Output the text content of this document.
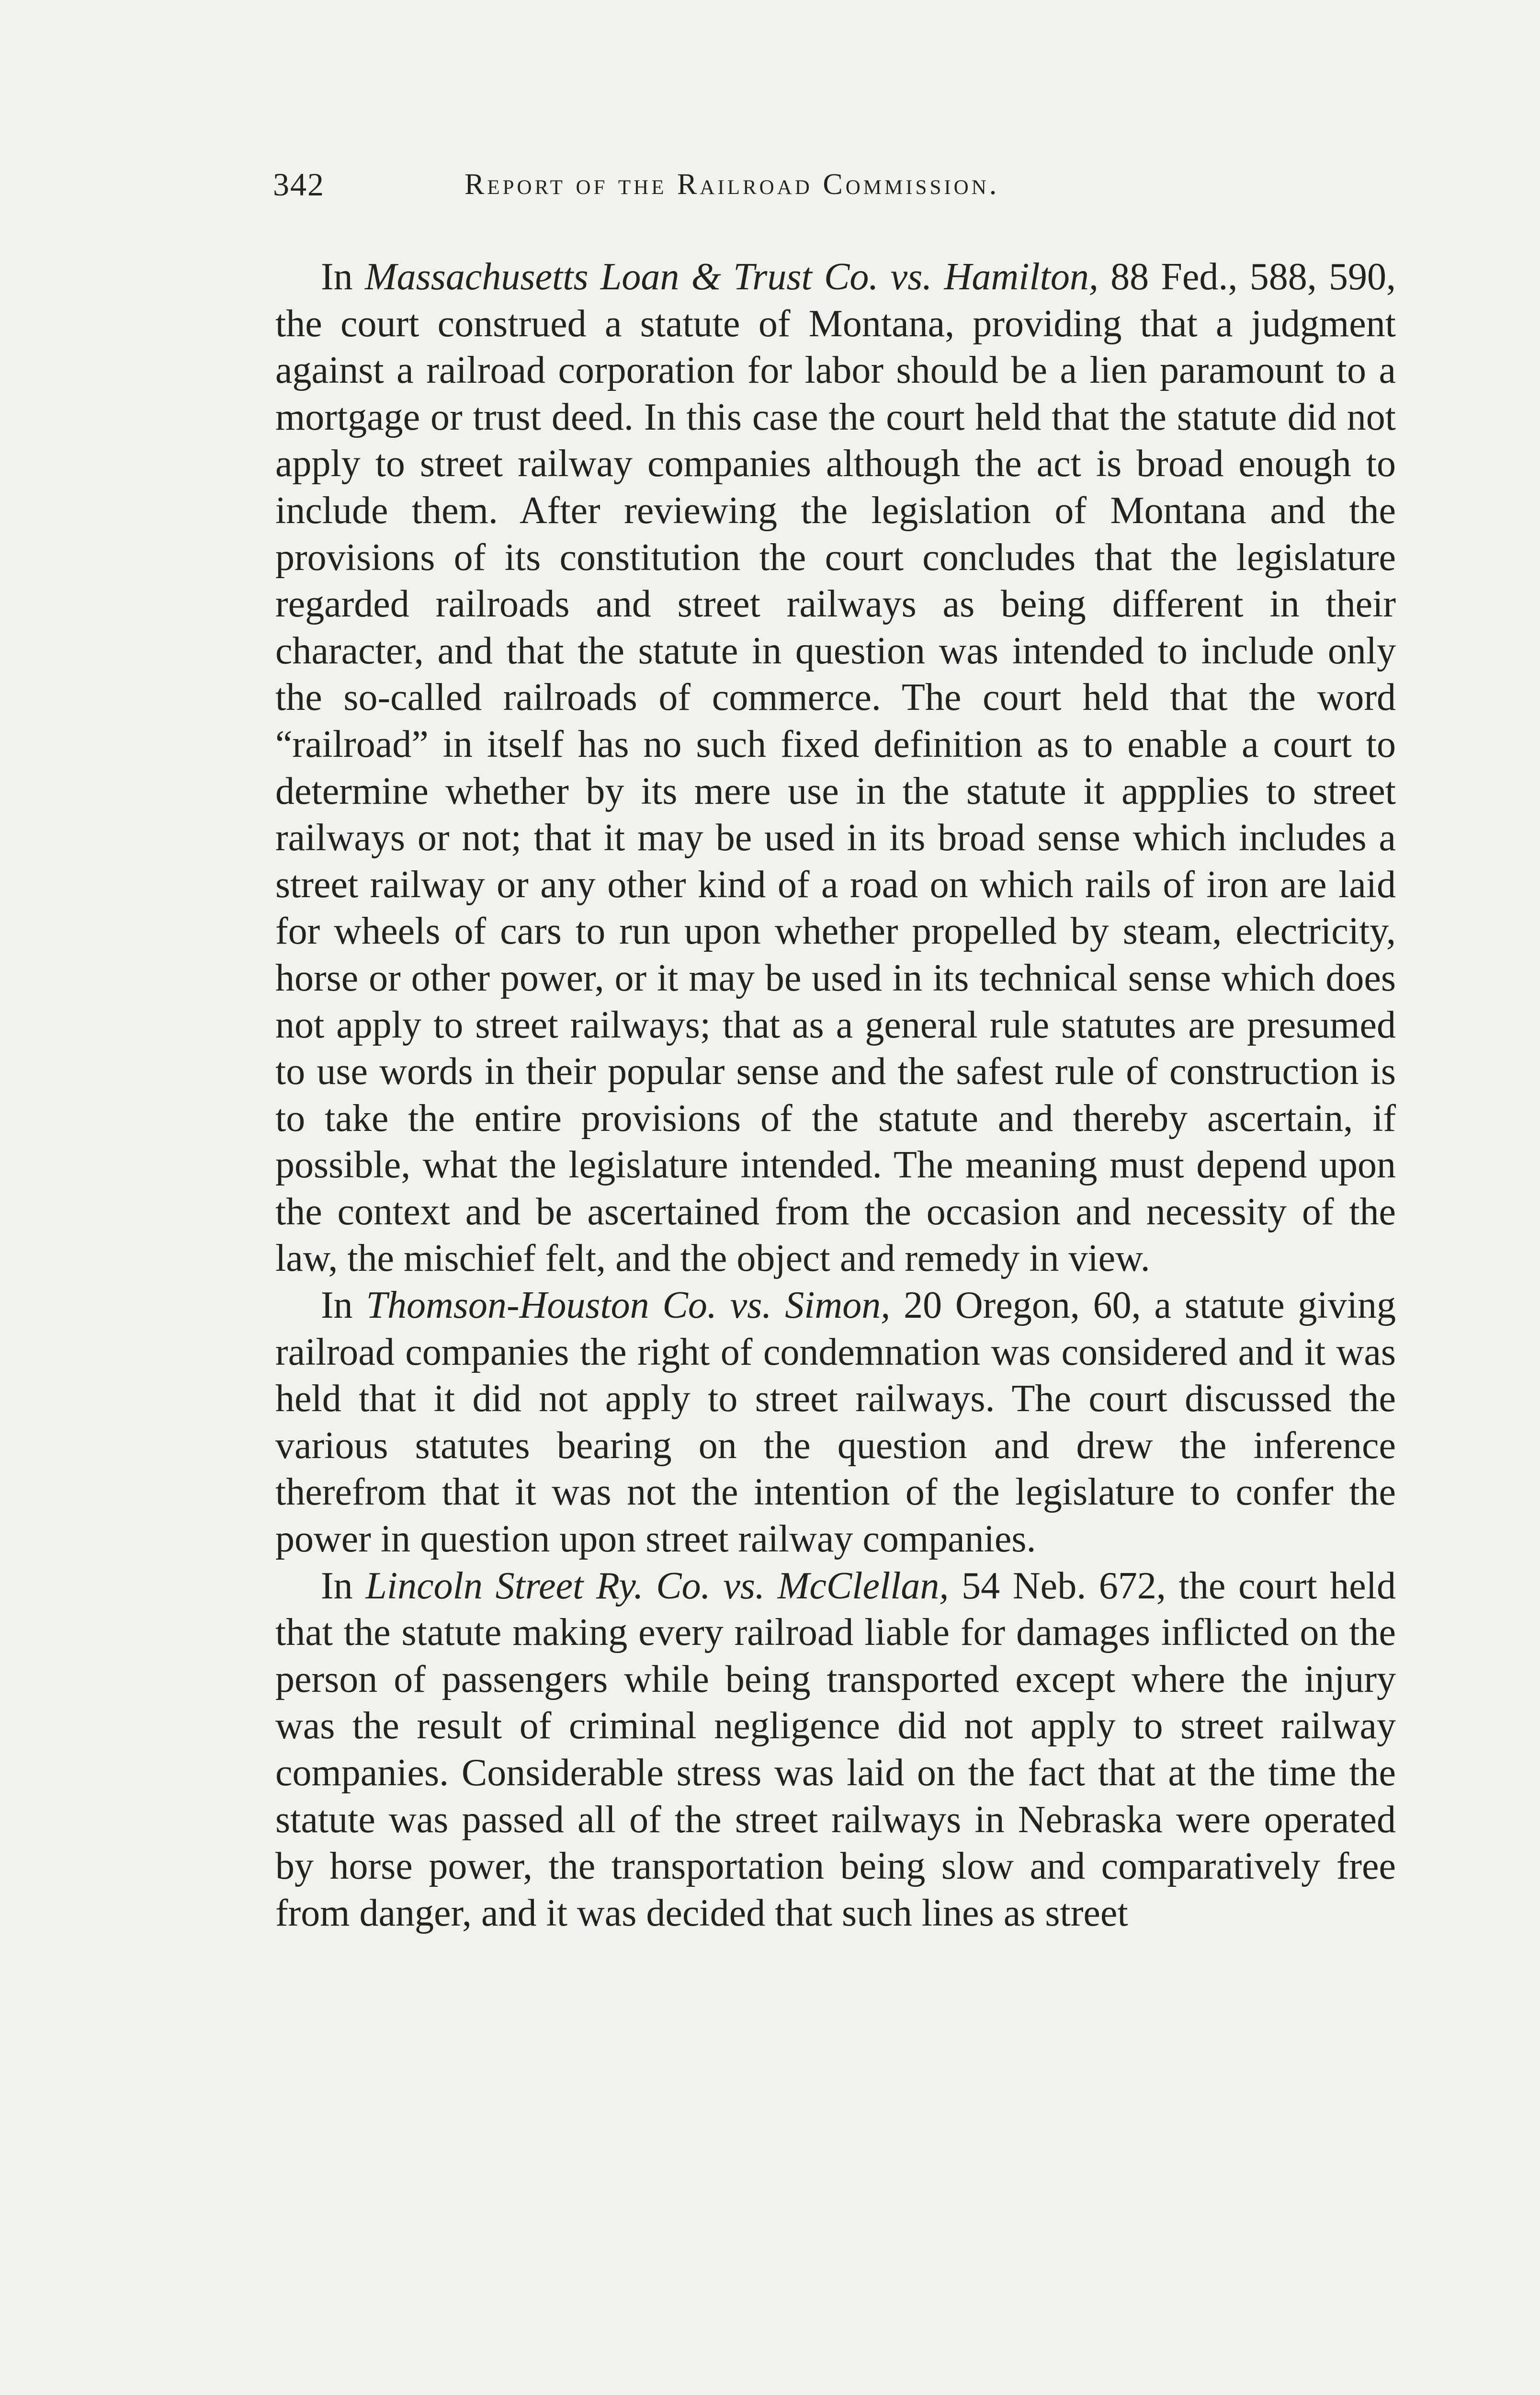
342	Report of the Railroad Commission.

In Massachusetts Loan & Trust Co. vs. Hamilton, 88 Fed., 588, 590, the court construed a statute of Montana, providing that a judgment against a railroad corporation for labor should be a lien paramount to a mortgage or trust deed. In this case the court held that the statute did not apply to street railway companies although the act is broad enough to include them. After reviewing the legislation of Montana and the provisions of its constitution the court concludes that the legislature regarded railroads and street railways as being different in their character, and that the statute in question was intended to include only the so-called railroads of commerce. The court held that the word “railroad” in itself has no such fixed definition as to enable a court to determine whether by its mere use in the statute it appplies to street railways or not; that it may be used in its broad sense which includes a street railway or any other kind of a road on which rails of iron are laid for wheels of cars to run upon whether propelled by steam, electricity, horse or other power, or it may be used in its technical sense which does not apply to street railways; that as a general rule statutes are presumed to use words in their popular sense and the safest rule of construction is to take the entire provisions of the statute and thereby ascertain, if possible, what the legislature intended. The meaning must depend upon the context and be ascertained from the occasion and necessity of the law, the mischief felt, and the object and remedy in view.

In Thomson-Houston Co. vs. Simon, 20 Oregon, 60, a statute giving railroad companies the right of condemnation was considered and it was held that it did not apply to street railways. The court discussed the various statutes bearing on the question and drew the inference therefrom that it was not the intention of the legislature to confer the power in question upon street railway companies.

In Lincoln Street Ry. Co. vs. McClellan, 54 Neb. 672, the court held that the statute making every railroad liable for damages inflicted on the person of passengers while being transported except where the injury was the result of criminal negligence did not apply to street railway companies. Considerable stress was laid on the fact that at the time the statute was passed all of the street railways in Nebraska were operated by horse power, the transportation being slow and comparatively free from danger, and it was decided that such lines as street
